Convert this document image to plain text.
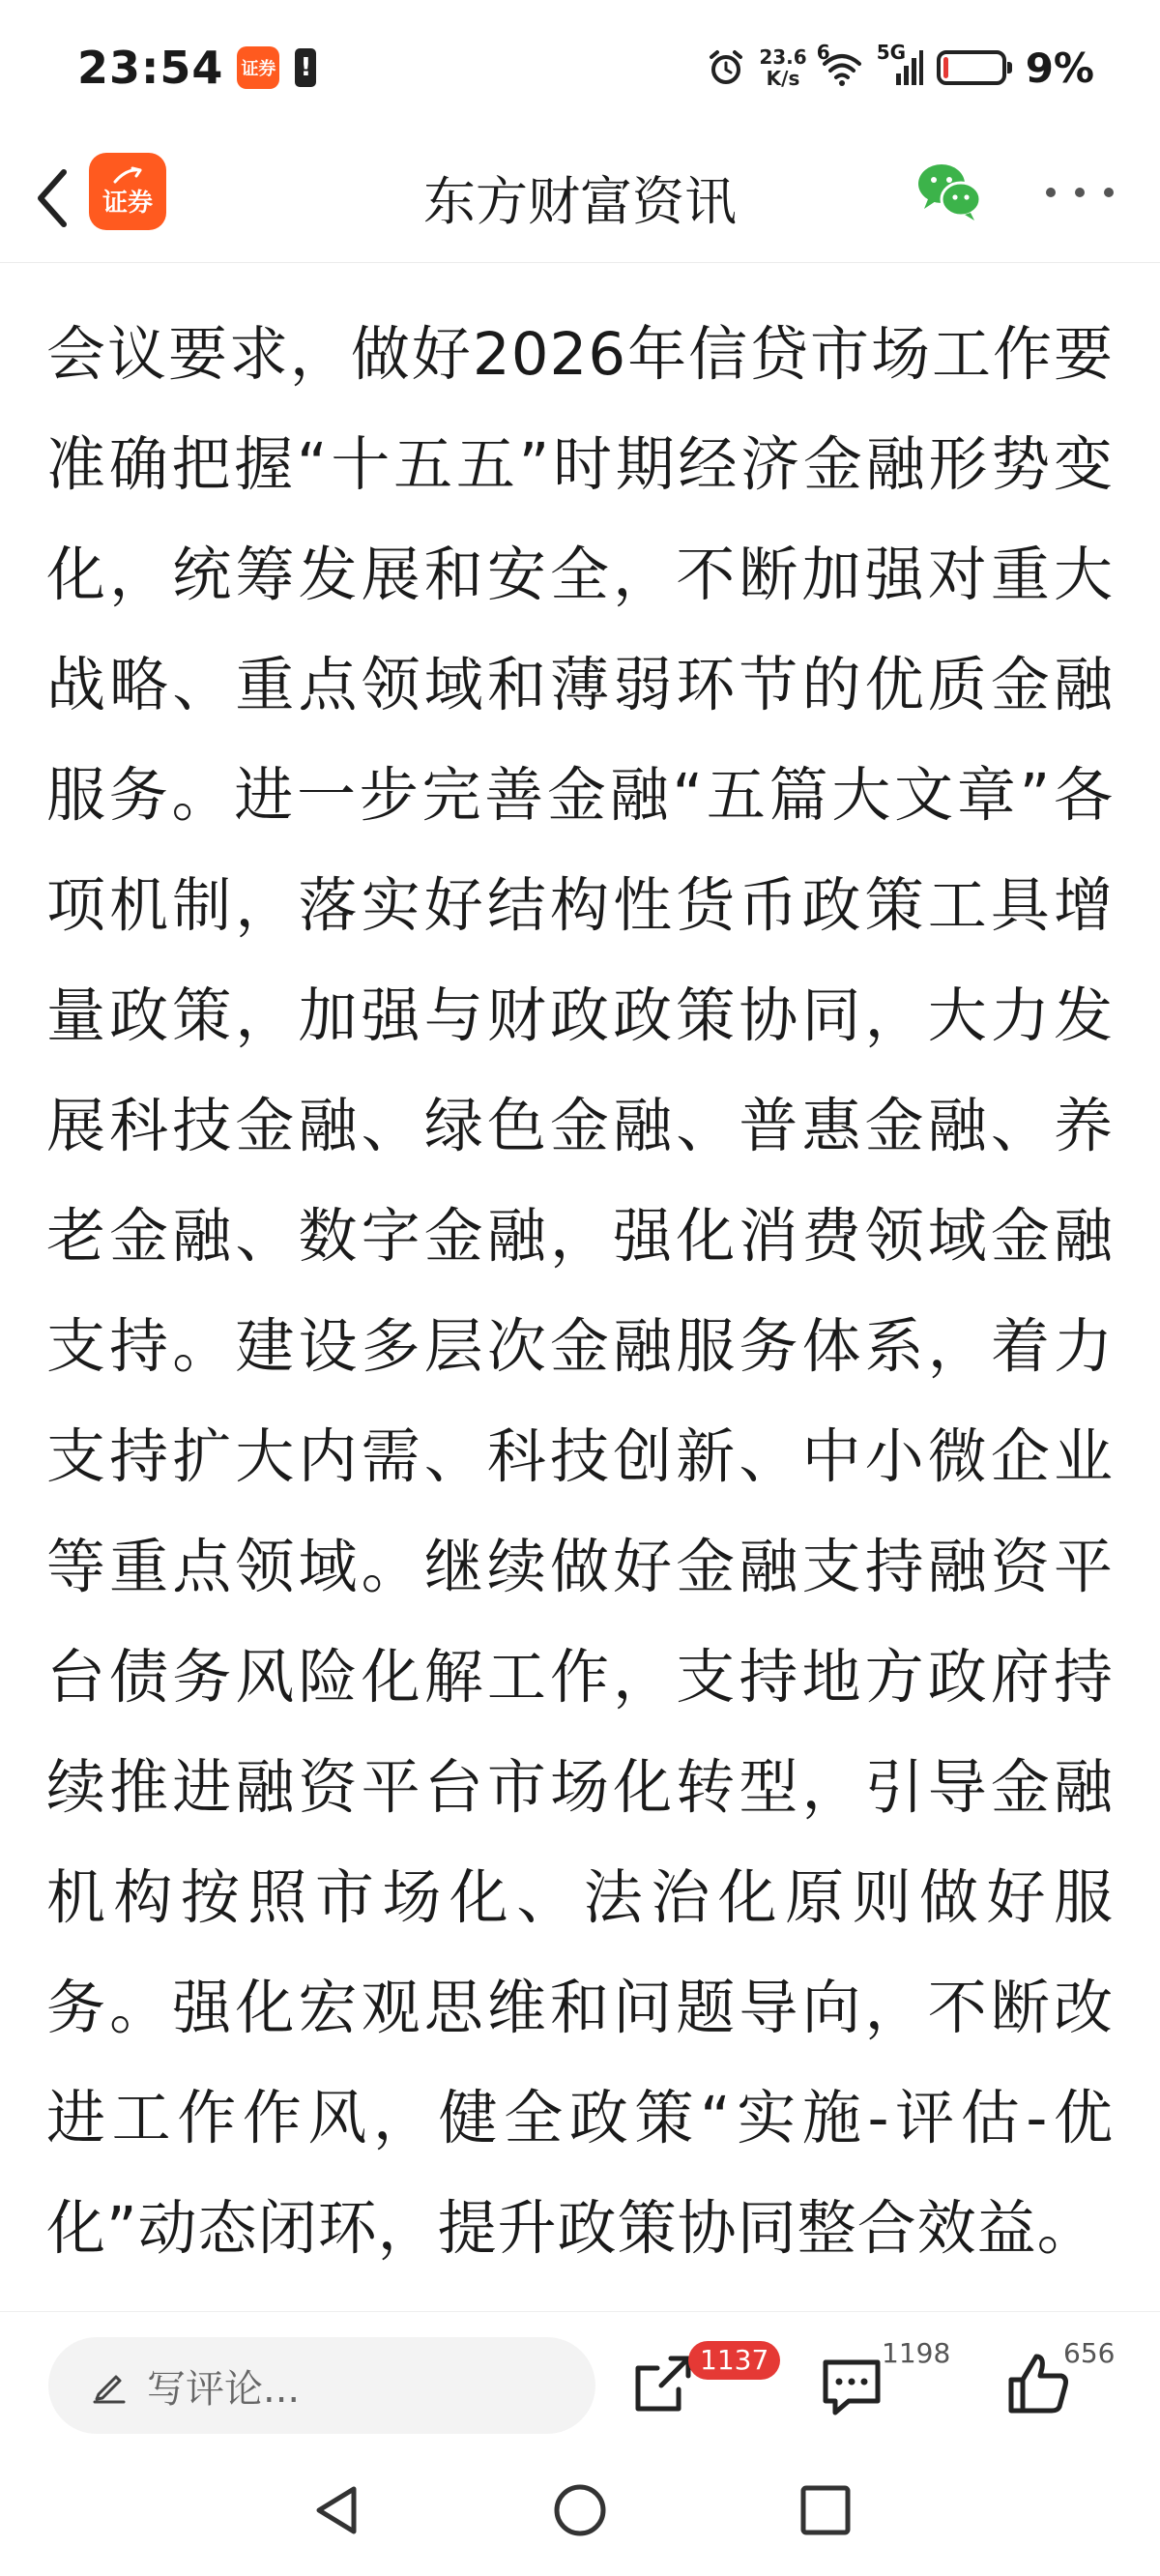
23:54 证券 !	23.6
K/s
6 5G	9%
证券	东方财富资讯

会议要求，做好2026年信贷市场工作要准确把握“十五五”时期经济金融形势变化，统筹发展和安全，不断加强对重大战略、重点领域和薄弱环节的优质金融服务。进一步完善金融“五篇大文章”各项机制，落实好结构性货币政策工具增量政策，加强与财政政策协同，大力发展科技金融、绿色金融、普惠金融、养老金融、数字金融，强化消费领域金融支持。建设多层次金融服务体系，着力支持扩大内需、科技创新、中小微企业等重点领域。继续做好金融支持融资平台债务风险化解工作，支持地方政府持续推进融资平台市场化转型，引导金融机构按照市场化、法治化原则做好服务。强化宏观思维和问题导向，不断改进工作作风，健全政策“实施-评估-优化”动态闭环，提升政策协同整合效益。

写评论...
1137	1198	656
